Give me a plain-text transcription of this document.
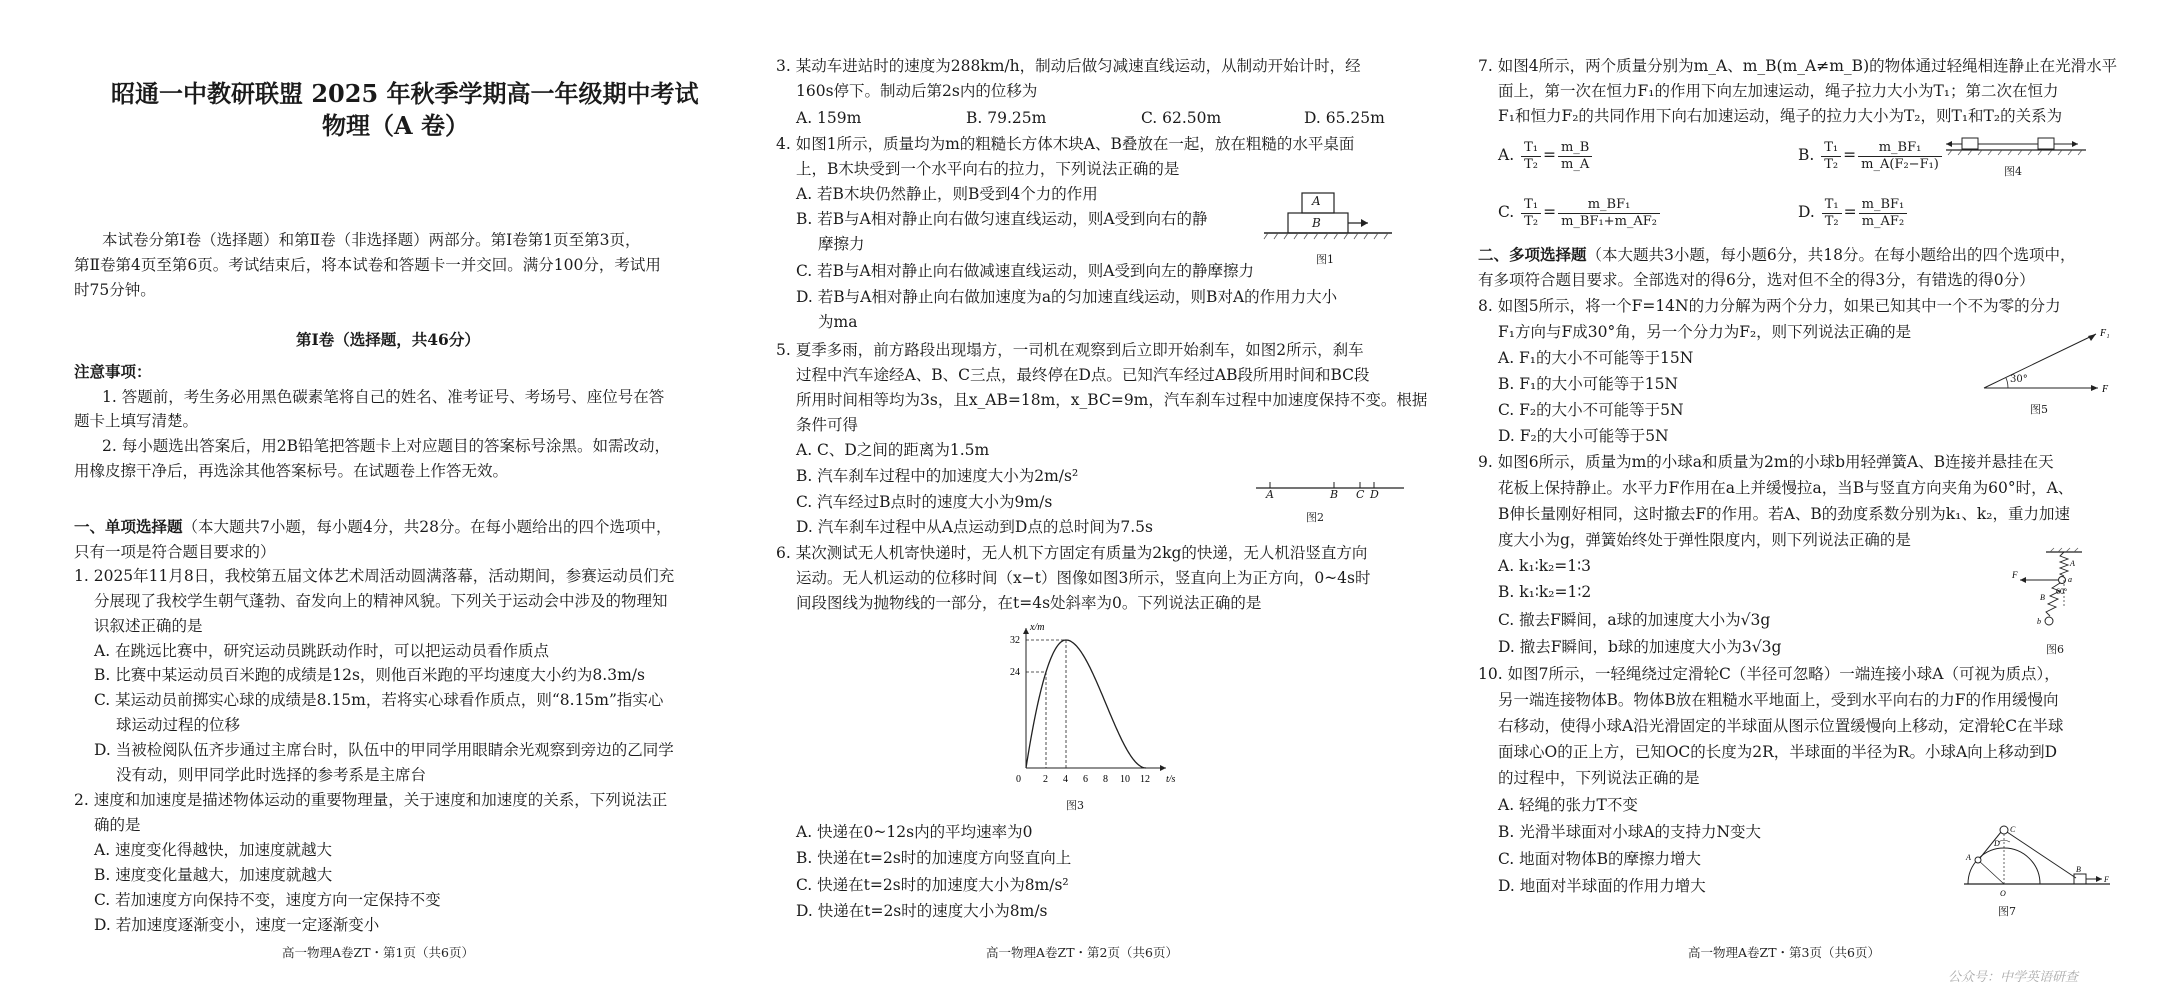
昭通一中教研联盟 2025 年秋季学期高一年级期中考试
物理（A 卷）
本试卷分第Ⅰ卷（选择题）和第Ⅱ卷（非选择题）两部分。第Ⅰ卷第1页至第3页，
第Ⅱ卷第4页至第6页。考试结束后，将本试卷和答题卡一并交回。满分100分，考试用
时75分钟。
第Ⅰ卷（选择题，共46分）
注意事项：
1. 答题前，考生务必用黑色碳素笔将自己的姓名、准考证号、考场号、座位号在答
题卡上填写清楚。
2. 每小题选出答案后，用2B铅笔把答题卡上对应题目的答案标号涂黑。如需改动，
用橡皮擦干净后，再选涂其他答案标号。在试题卷上作答无效。
一、单项选择题（本大题共7小题，每小题4分，共28分。在每小题给出的四个选项中，
只有一项是符合题目要求的）
1. 2025年11月8日，我校第五届文体艺术周活动圆满落幕，活动期间，参赛运动员们充
分展现了我校学生朝气蓬勃、奋发向上的精神风貌。下列关于运动会中涉及的物理知
识叙述正确的是
A. 在跳远比赛中，研究运动员跳跃动作时，可以把运动员看作质点
B. 比赛中某运动员百米跑的成绩是12s，则他百米跑的平均速度大小约为8.3m/s
C. 某运动员前掷实心球的成绩是8.15m，若将实心球看作质点，则“8.15m”指实心
球运动过程的位移
D. 当被检阅队伍齐步通过主席台时，队伍中的甲同学用眼睛余光观察到旁边的乙同学
没有动，则甲同学此时选择的参考系是主席台
2. 速度和加速度是描述物体运动的重要物理量，关于速度和加速度的关系，下列说法正
确的是
A. 速度变化得越快，加速度就越大
B. 速度变化量越大，加速度就越大
C. 若加速度方向保持不变，速度方向一定保持不变
D. 若加速度逐渐变小，速度一定逐渐变小
高一物理A卷ZT・第1页（共6页）
3. 某动车进站时的速度为288km/h，制动后做匀减速直线运动，从制动开始计时，经
160s停下。制动后第2s内的位移为
A. 159m	B. 79.25m	C. 62.50m	D. 65.25m
4. 如图1所示，质量均为m的粗糙长方体木块A、B叠放在一起，放在粗糙的水平桌面
上，B木块受到一个水平向右的拉力，下列说法正确的是
A. 若B木块仍然静止，则B受到4个力的作用
B. 若B与A相对静止向右做匀速直线运动，则A受到向右的静
摩擦力
C. 若B与A相对静止向右做减速直线运动，则A受到向左的静摩擦力
D. 若B与A相对静止向右做加速度为a的匀加速直线运动，则B对A的作用力大小
为ma
A
B
图1
5. 夏季多雨，前方路段出现塌方，一司机在观察到后立即开始刹车，如图2所示，刹车
过程中汽车途经A、B、C三点，最终停在D点。已知汽车经过AB段所用时间和BC段
所用时间相等均为3s，且x_AB=18m，x_BC=9m，汽车刹车过程中加速度保持不变。根据
条件可得
A. C、D之间的距离为1.5m
B. 汽车刹车过程中的加速度大小为2m/s²
C. 汽车经过B点时的速度大小为9m/s
D. 汽车刹车过程中从A点运动到D点的总时间为7.5s
A	B C D
图2
6. 某次测试无人机寄快递时，无人机下方固定有质量为2kg的快递，无人机沿竖直方向
运动。无人机运动的位移时间（x−t）图像如图3所示，竖直向上为正方向，0~4s时
间段图线为抛物线的一部分，在t=4s处斜率为0。下列说法正确的是
x/m
t/s
32
24
0 2 4 6 8 10 12
图3
A. 快递在0~12s内的平均速率为0
B. 快递在t=2s时的加速度方向竖直向上
C. 快递在t=2s时的加速度大小为8m/s²
D. 快递在t=2s时的速度大小为8m/s
高一物理A卷ZT・第2页（共6页）
7. 如图4所示，两个质量分别为m_A、m_B(m_A≠m_B)的物体通过轻绳相连静止在光滑水平
面上，第一次在恒力F₁的作用下向左加速运动，绳子拉力大小为T₁；第二次在恒力
F₁和恒力F₂的共同作用下向右加速运动，绳子的拉力大小为T₂，则T₁和T₂的关系为
A. $\frac{\text{T₁}}{\text{T₂}} = \frac{m\_B}{m\_A}$	B. $\frac{\text{T₁}}{\text{T₂}} = \frac{\text{m\_BF₁}}{\text{m\_A(F₂−F₁)}}$
C. $\frac{\text{T₁}}{\text{T₂}} = \frac{\text{m\_BF₁}}{\text{m\_BF₁+m\_AF₂}}$	D. $\frac{\text{T₁}}{\text{T₂}} = \frac{\text{m\_BF₁}}{\text{m\_AF₂}}$
图4
二、多项选择题（本大题共3小题，每小题6分，共18分。在每小题给出的四个选项中，
有多项符合题目要求。全部选对的得6分，选对但不全的得3分，有错选的得0分）
8. 如图5所示，将一个F=14N的力分解为两个分力，如果已知其中一个不为零的分力
F₁方向与F成30°角，另一个分力为F₂，则下列说法正确的是
A. F₁的大小不可能等于15N
B. F₁的大小可能等于15N
C. F₂的大小不可能等于5N
D. F₂的大小可能等于5N
F₁
F
30°
图5
9. 如图6所示，质量为m的小球a和质量为2m的小球b用轻弹簧A、B连接并悬挂在天
花板上保持静止。水平力F作用在a上并缓慢拉a，当B与竖直方向夹角为60°时，A、
B伸长量刚好相同，这时撤去F的作用。若A、B的劲度系数分别为k₁、k₂，重力加速
度大小为g，弹簧始终处于弹性限度内，则下列说法正确的是
A. k₁∶k₂=1∶3
B. k₁∶k₂=1∶2
C. 撤去F瞬间，a球的加速度大小为√3g
D. 撤去F瞬间，b球的加速度大小为3√3g
F	a
60°
B
A
b
图6
10. 如图7所示，一轻绳绕过定滑轮C（半径可忽略）一端连接小球A（可视为质点），
另一端连接物体B。物体B放在粗糙水平地面上，受到水平向右的力F的作用缓慢向
右移动，使得小球A沿光滑固定的半球面从图示位置缓慢向上移动，定滑轮C在半球
面球心O的正上方，已知OC的长度为2R，半球面的半径为R。小球A向上移动到D
的过程中，下列说法正确的是
A. 轻绳的张力T不变
B. 光滑半球面对小球A的支持力N变大
C. 地面对物体B的摩擦力增大
D. 地面对半球面的作用力增大
C
A
O
B
F
D
图7
高一物理A卷ZT・第3页（共6页）
公众号：中学英语研查
